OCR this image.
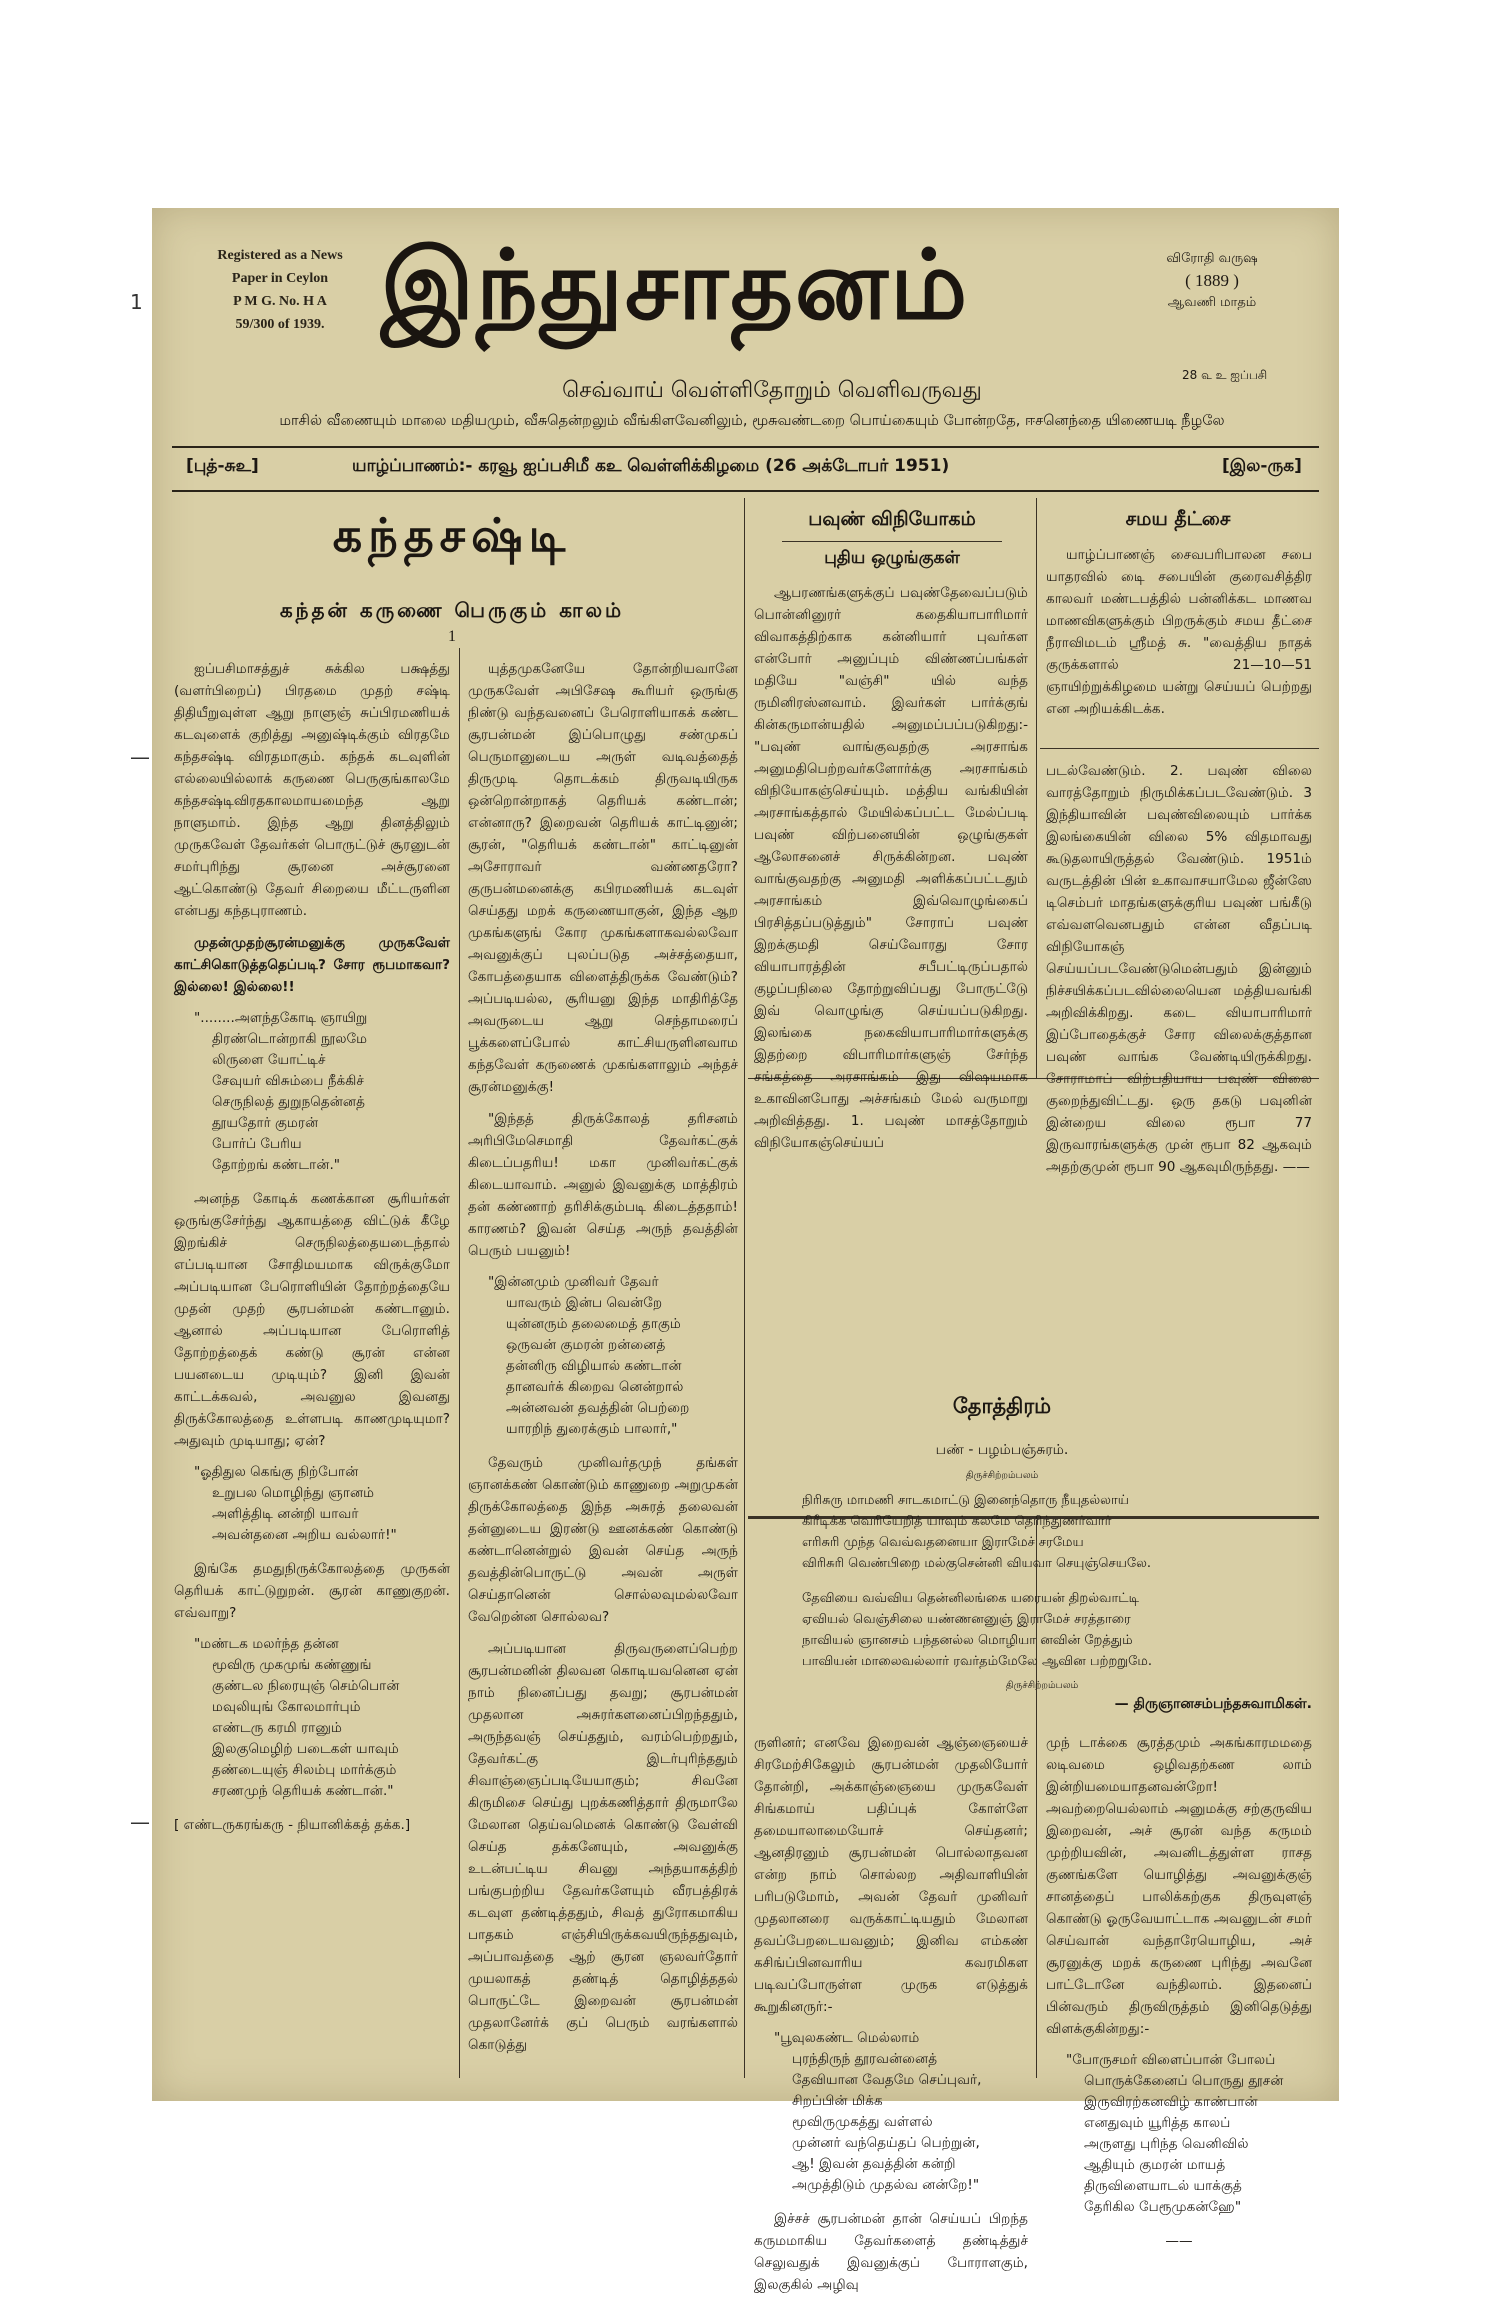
1
—
—
Registered as a News
Paper in Ceylon
P M G. No. H A
59/300 of 1939. இந்துசாதனம்	விரோதி வருஷ
( 1889 )
ஆவணி மாதம்
28 ௳ உ ஐப்பசி
செவ்வாய் வெள்ளிதோறும் வெளிவருவது
மாசில் வீணையும் மாலை மதியமும், வீசுதென்றலும் வீங்கிளவேனிலும், மூசுவண்டறை பொய்கையும் போன்றதே, ஈசனெந்தை யிணையடி நீழலே
[புத்-சுஉ]	யாழ்ப்பாணம்:- கரவூ ஐப்பசிமீ கஉ வெள்ளிக்கிழமை (26 அக்டோபர் 1951)	[இல-ருக]
கந்தசஷ்டி
கந்தன் கருணை பெருகும் காலம்
1

ஐப்பசிமாசத்துச் சுக்கில பக்ஷத்து (வளர்பிறைப்) பிரதமை முதற் சஷ்டி திதியீறுவுள்ள ஆறு நாளுஞ் சுப்பிரமணியக் கடவுளைக் குறித்து அனுஷ்டிக்கும் விரதமே கந்தசஷ்டி விரதமாகும். கந்தக் கடவுளின் எல்லையில்லாக் கருணை பெருகுங்காலமே கந்தசஷ்டிவிரதகாலமாயமைந்த ஆறு நாளுமாம். இந்த ஆறு தினத்திலும் முருகவேள் தேவர்கள் பொருட்டுச் சூரனுடன் சமர்புரிந்து சூரனை அச்சூரனை ஆட்கொண்டு தேவர் சிறையை மீட்டருளின என்பது கந்தபுராணம்.

முதன்முதற்சூரன்மனுக்கு முருகவேள் காட்சிகொடுத்ததெப்படி? சோர ரூபமாகவா? இல்லை! இல்லை!!

"........அளந்தகோடி ஞாயிறு
திரண்டொன்றாகி நூலமே
லிருளை யோட்டிச்
சேவுயர் விசும்பை நீக்கிச்
செருநிலத் துறுநதென்னத்
தூயதோர் குமரன்
போர்ப் பேரிய
தோற்றங் கண்டான்."

அனந்த கோடிக் கணக்கான சூரியர்கள் ஒருங்குசேர்ந்து ஆகாயத்தை விட்டுக் கீழே இறங்கிச் செருநிலத்தையடைந்தால் எப்படியான சோதிமயமாக விருக்குமோ அப்படியான பேரொளியின் தோற்றத்தையே முதன் முதற் சூரபன்மன் கண்டானும். ஆனால் அப்படியான பேரொளித் தோற்றத்தைக் கண்டு சூரன் என்ன பயனடைய முடியும்? இனி இவன் காட்டக்கவல், அவனுல இவனது திருக்கோலத்தை உள்ளபடி காணமுடியுமா? அதுவும் முடியாது; ஏன்?

"ஓதிதுல கெங்கு நிற்போன்
உறுபல மொழிந்து ஞானம்
அளித்திடி னன்றி யாவர்
அவன்தனை அறிய வல்லார்!"

இங்கே தமதுநிருக்கோலத்தை முருகன் தெரியக் காட்டுறுறன். சூரன் காணுகுறன். எவ்வாறு?

"மண்டக மலர்ந்த தன்ன
மூவிரு முகமுங் கண்ணுங்
குண்டல நிரையுஞ் செம்பொன்
மவுலியுங் கோலமார்பும்
எண்டரு கரமி ரானும்
இலகுமெழிற் படைகள் யாவும்
தண்டையுஞ் சிலம்பு மார்க்கும்
சரணமுந் தெரியக் கண்டான்."

[ எண்டருகரங்கரு - நியானிக்கத் தக்க.]

யுத்தமுகனேயே தோன்றியவானே முருகவேள் அபிசேஷ கூரியர் ஒருங்கு நிண்டு வந்தவனைப் பேரொளியாகக் கண்ட சூரபன்மன் இப்பொழுது சண்முகப் பெருமானுடைய அருள் வடிவத்தைத் திருமுடி தொடக்கம் திருவடியிருக ஒன்றொன்றாகத் தெரியக் கண்டான்; என்னாரு? இறைவன் தெரியக் காட்டினுன்; சூரன், "தெரியக் கண்டான்" காட்டினுன் அசோராவர் வண்ணதரோ? குருபன்மனைக்கு கபிரமணியக் கடவுள் செய்தது மறக் கருணையாகுன், இந்த ஆற முகங்களுங் கோர முகங்களாகவல்லவோ அவனுக்குப் புலப்படுத அச்சத்தையா, கோபத்தையாக விளைத்திருக்க வேண்டும்? அப்படியல்ல, சூரியனு இந்த மாதிரித்தே அவருடைய ஆறு செந்தாமரைப் பூக்களைப்போல் காட்சியருளினவாம கந்தவேள் கருணைக் முகங்களாலும் அந்தச் சூரன்மனுக்கு!

"இந்தத் திருக்கோலத் தரிசனம் அரிபிமேசெமாதி தேவர்கட்குக் கிடைப்பதரிய! மகா முனிவர்கட்குக் கிடையாவாம். அனுல் இவனுக்கு மாத்திரம் தன் கண்ணாற் தரிசிக்கும்படி கிடைத்ததாம்! காரணம்? இவன் செய்த அருந் தவத்தின் பெரும் பயனும்!

"இன்னமும் முனிவர் தேவர்
யாவரும் இன்ப வென்றே
யுன்னரும் தலைமைத் தாகும்
ஒருவன் குமரன் றன்னைத்
தன்னிரு விழியால் கண்டான்
தானவர்க் கிறைவ னென்றால்
அன்னவன் தவத்தின் பெற்றை
யாரறிந் துரைக்கும் பாலார்,"

தேவரும் முனிவர்தமுந் தங்கள் ஞானக்கண் கொண்டும் காணுறை அறுமுகன் திருக்கோலத்தை இந்த அசுரத் தலைவன் தன்னுடைய இரண்டு ஊனக்கண் கொண்டு கண்டானென்றுல் இவன் செய்த அருந் தவத்தின்பொருட்டு அவன் அருள் செய்தானென் சொல்லவுமல்லவோ வேறென்ன சொல்லவ?

அப்படியான திருவருளைப்பெற்ற சூரபன்மனின் திலவன கொடியவனென ஏன் நாம் நினைப்பது தவறு; சூரபன்மன் முதலான அசுரர்களனைப்பிறந்ததும், அருந்தவஞ் செய்ததும், வரம்பெற்றதும், தேவர்கட்கு இடர்புரிந்ததும் சிவாஞ்ஞைப்படியேயாகும்; சிவனே கிருமிசை செய்து புறக்கணித்தார் திருமாலே மேலான தெய்வமெனக் கொண்டு வேள்வி செய்த தக்கனேயும், அவனுக்கு உடன்பட்டிய சிவனு அந்தயாகத்திற் பங்குபற்றிய தேவர்களேயும் வீரபத்திரக் கடவுள தண்டித்ததும், சிவத் துரோகமாகிய பாதகம் எஞ்சியிருக்கவயிருந்ததுவும், அப்பாவத்தை ஆற் சூரன ஞலவர்தோர் முயலாகத் தண்டித் தொழித்ததல் பொருட்டே இறைவன் சூரபன்மன் முதலானேர்க் குப் பெரும் வரங்களால் கொடுத்து

பவுண் விநியோகம்
புதிய ஒழுங்குகள்

ஆபரணங்களுக்குப் பவுண்தேவைப்படும் பொன்னினுரர் கதைகியாபாரிமார் விவாகத்திற்காக கன்னியார் புவர்கள என்போர் அனுப்பும் விண்ணப்பங்கள் மதியே "வஞ்சி" யில் வந்த ருமினிரஸ்னவாம். இவர்கள் பார்க்குங் கின்கருமான்யதில் அனுமப்பப்படுகிறது:- "பவுண் வாங்குவதற்கு அரசாங்க அனுமதிபெற்றவர்களோர்க்கு அரசாங்கம் விநியோகஞ்செய்யும். மத்திய வங்கியின் அரசாங்கத்தால் மேயில்கப்பட்ட மேல்ப்படி பவுண் விற்பனையின் ஒழுங்குகள் ஆலோசனைச் சிருக்கின்றன. பவுண் வாங்குவதற்கு அனுமதி அளிக்கப்பட்டதும் அரசாங்கம் இவ்வொழுங்கைப் பிரசித்தப்படுத்தும்" சோராப் பவுண் இறக்குமதி செய்வோரது சோர வியாபாரத்தின் சபீபட்டிருப்பதால் குழப்பநிலை தோற்றுவிப்பது போருட்டுே இவ் வொழுங்கு செய்யப்படுகிறது. இலங்கை நகைவியாபாரிமார்களுக்கு இதற்றை விபாரிமார்களுஞ் சேர்ந்த சங்கத்தை அரசாங்கம் இது விஷயமாக உகாவினபோது அச்சங்கம் மேல் வருமாறு அறிவித்தது. 1. பவுண் மாசத்தோறும் விநியோகஞ்செய்யப்

படல்வேண்டும். 2. பவுண் விலை வாரத்தோறும் நிருமிக்கப்படவேண்டும். 3 இந்தியாவின் பவுண்விலையும் பார்க்க இலங்கையின் விலை 5% விதமாவது கூடுதலாயிருத்தல் வேண்டும். 1951ம் வருடத்தின் பின் உகாவாசயாமேல ஜீன்ஸே டிசெம்பர் மாதங்களுக்குரிய பவுண் பங்கீடு எவ்வளவெனபதும் என்ன வீதப்படி விநியோகஞ் செய்யப்படவேண்டுமென்பதும் இன்னும் நிச்சயிக்கப்படவில்லையென மத்தியவங்கி அறிவிக்கிறது. கடை வியாபாரிமார் இப்போதைக்குச் சோர விலைக்குத்தான பவுண் வாங்க வேண்டியிருக்கிறது. சோராமாப் விற்பதியாய பவுண் விலை குறைந்துவிட்டது. ஒரு தகடு பவுனின் இன்றைய விலை ரூபா 77 இருவாரங்களுக்கு முன் ரூபா 82 ஆகவும் அதற்குமுன் ரூபா 90 ஆகவுமிருந்தது. ——

சமய தீட்சை

யாழ்ப்பாணஞ் சைவபரிபாலன சபை யாதரவில் டிை சபையின் குரைவசித்திர காலவர் மண்டபத்தில் பன்னிக்கட மாணவ மாணவிகளுக்கும் பிறருக்கும் சமய தீட்சை நீராவிமடம் ஸ்ரீமத் சு. "வைத்திய நாதக் குருக்களால் 21—10—51 ஞாயிற்றுக்கிழமை யன்று செய்யப் பெற்றது என அறியக்கிடக்க.

தோத்திரம்
பண் - பழம்பஞ்சுரம்.
திருச்சிற்றம்பலம்
நிரிசுரு மாமணி சாடகமாட்டு இனைந்தொரு நீயுதல்லாய்
கிரீடிக்க வெரியேறித் யாவும் கலமே தெரிந்துணர்வார்
எரிசுரி முந்த வெவ்வதனையா இராமேச் சரமேய
விரிசுரி வெண்பிறை மல்குசென்னி வியவா செயுஞ்செயலே.
தேவியை வவ்விய தென்னிலங்கை யரையன் திறல்வாட்டி
ஏவியல் வெஞ்சிலை யண்ணனனுஞ் இராமேச் சரத்தாரை
நாவியல் ஞானசம் பந்தனல்ல மொழியா னவின் றேத்தும்
பாவியன் மாலைவல்லார் ரவர்தம்மேலே ஆவின பற்றறுமே.
திருச்சிற்றம்பலம்
— திருஞானசம்பந்தசுவாமிகள்.

ருளினர்; எனவே இறைவன் ஆஞ்ஞையைச் சிரமேற்சிகேலும் சூரபன்மன் முதலியோர் தோன்றி, அக்காஞ்ஞையை முருகவேள் சிங்கமாய் பதிப்புக் கோள்ளே தமையாலாமையோச் செய்தனர்; ஆனதிரனும் சூரபன்மன் பொல்லாதவன என்ற நாம் சொல்லற அதிவாளியின் பரிபடுமோம், அவன் தேவர் முனிவர் முதலானரை வருக்காட்டியதும் மேலான தவப்பேறடையவனும்; இனிவ எம்கண் கசிங்ப்பினவாரிய கவரமிகள படிவப்போருள்ள முருக எடுத்துக் கூறுகினருர்:-

"பூவுலகண்ட மெல்லாம்
புரந்திருந் தூரவன்னைத்
தேவியான வேதமே செப்புவர்,
சிறப்பின் மிக்க
மூவிருமுகத்து வள்ளல்
முன்னர் வந்தெய்தப் பெற்றுன்,
ஆ! இவன் தவத்தின் கன்றி
அமுத்திடும் முதல்வ னன்றே!"

இச்சச் சூரபன்மன் தான் செய்யப் பிறந்த கருமமாகிய தேவர்களைத் தண்டித்துச் செலுவதுக் இவனுக்குப் போராளகும், இலகுகில் அழிவு

முந் டாக்கை சூரத்தமும் அகங்காரமமதை லடிவமை ஒழிவதற்கண லாம் இன்றியமையாதனவன்றோ! அவற்றையெல்லாம் அனுமக்கு சற்குருவிய இறைவன், அச் சூரன் வந்த கருமம் முற்றியவின், அவனிடத்துள்ள ராசத குணங்களே யொழித்து அவனுக்குஞ் சானத்தைப் பாலிக்கற்குக திருவுளஞ் கொண்டு ஓருவேயாட்டாக அவனுடன் சமர் செய்வான் வந்தாரேயொழிய, அச் சூரனுக்கு மறக் கருணை புரிந்து அவனே பாட்டோனே வந்திலாம். இதனைப் பின்வரும் திருவிருத்தம் இனிதெடுத்து விளக்குகின்றது:-

"போருசமர் விளைப்பான் போலப்
பொருக்கேனைப் பொருது தூசன்
இருவிரற்கனவிழ் காண்பான்
எனதுவும் யூரித்த காலப்
அருளது புரிந்த வெனிவில்
ஆதியும் குமரன் மாயத்
திருவிளையாடல் யாக்குத்
தேரிகில பேரூமுகன்ஹே"
——
